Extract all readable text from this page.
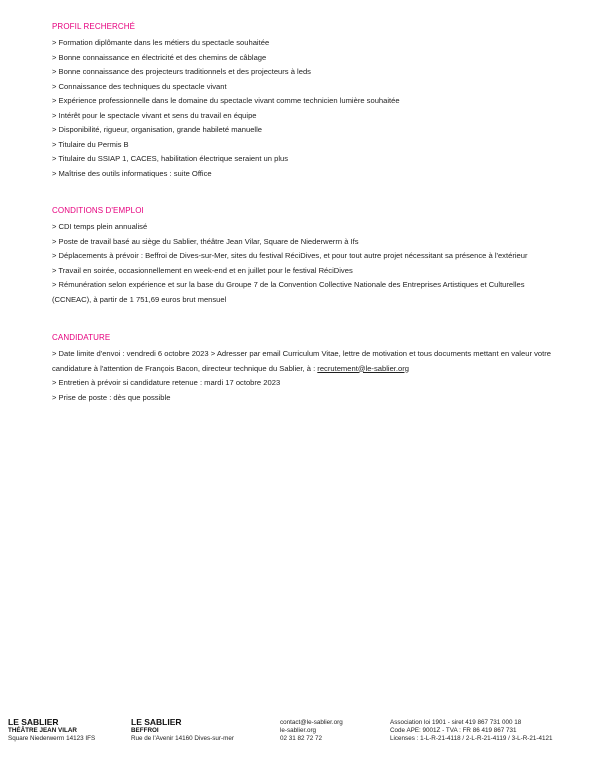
PROFIL RECHERCHÉ
> Formation diplômante dans les métiers du spectacle souhaitée
> Bonne connaissance en électricité et des chemins de câblage
> Bonne connaissance des projecteurs traditionnels et des projecteurs à leds
> Connaissance des techniques du spectacle vivant
> Expérience professionnelle dans le domaine du spectacle vivant comme technicien lumière souhaitée
> Intérêt pour le spectacle vivant et sens du travail en équipe
> Disponibilité, rigueur, organisation, grande habileté manuelle
> Titulaire du Permis B
> Titulaire du SSIAP 1, CACES, habilitation électrique seraient un plus
> Maîtrise des outils informatiques : suite Office
CONDITIONS D'EMPLOI
> CDI temps plein annualisé
> Poste de travail basé au siège du Sablier, théâtre Jean Vilar, Square de Niederwerrn à Ifs
> Déplacements à prévoir : Beffroi de Dives-sur-Mer, sites du festival RéciDives, et pour tout autre projet nécessitant sa présence à l'extérieur
> Travail en soirée, occasionnellement en week-end et en juillet pour le festival RéciDives
> Rémunération selon expérience et sur la base du Groupe 7 de la Convention Collective Nationale des Entreprises Artistiques et Culturelles (CCNEAC), à partir de 1 751,69 euros brut mensuel
CANDIDATURE
> Date limite d'envoi : vendredi 6 octobre 2023 > Adresser par email Curriculum Vitae, lettre de motivation et tous documents mettant en valeur votre candidature à l'attention de François Bacon, directeur technique du Sablier, à : recrutement@le-sablier.org
> Entretien à prévoir si candidature retenue : mardi 17 octobre 2023
> Prise de poste : dès que possible
LE SABLIER
THÉÂTRE JEAN VILAR
Square Niederwerrn 14123 IFS
LE SABLIER
BEFFROI
Rue de l'Avenir 14160 Dives-sur-mer
contact@le-sablier.org
le-sablier.org
02 31 82 72 72
Association loi 1901 - siret 419 867 731 000 18
Code APE: 9001Z - TVA : FR 86 419 867 731
Licenses : 1-L-R-21-4118 / 2-L-R-21-4119 / 3-L-R-21-4121
